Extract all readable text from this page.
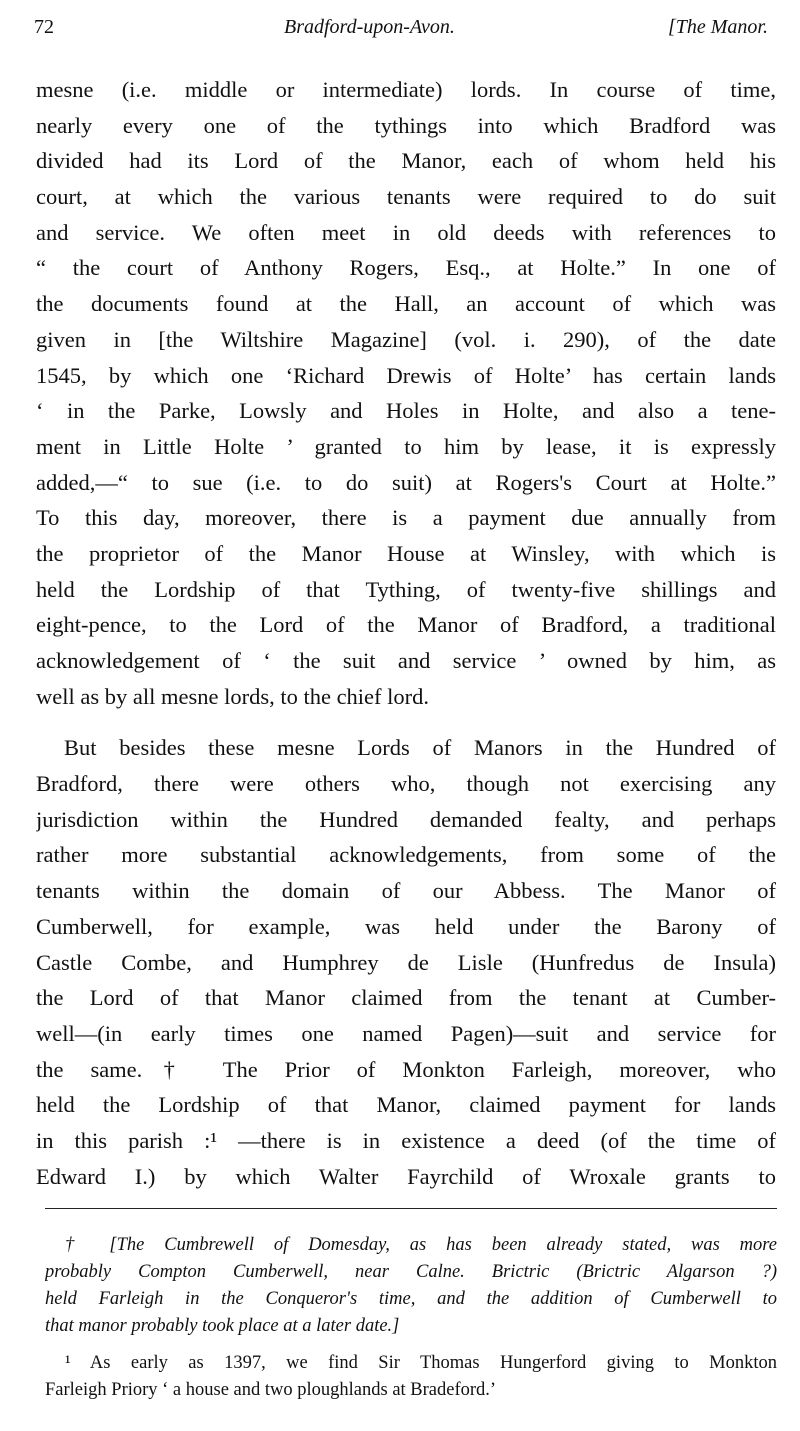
72	Bradford-upon-Avon.	[The Manor.
mesne (i.e. middle or intermediate) lords. In course of time,
nearly every one of the tythings into which Bradford was
divided had its Lord of the Manor, each of whom held his
court, at which the various tenants were required to do suit
and service. We often meet in old deeds with references to
“ the court of Anthony Rogers, Esq., at Holte.” In one of
the documents found at the Hall, an account of which was
given in [the Wiltshire Magazine] (vol. i. 290), of the date
1545, by which one ‘Richard Drewis of Holte’ has certain lands
‘ in the Parke, Lowsly and Holes in Holte, and also a tene-
ment in Little Holte ’ granted to him by lease, it is expressly
added,—“ to sue (i.e. to do suit) at Rogers's Court at Holte.”
To this day, moreover, there is a payment due annually from
the proprietor of the Manor House at Winsley, with which is
held the Lordship of that Tything, of twenty-five shillings and
eight-pence, to the Lord of the Manor of Bradford, a traditional
acknowledgement of ‘ the suit and service ’ owned by him, as
well as by all mesne lords, to the chief lord.
But besides these mesne Lords of Manors in the Hundred of
Bradford, there were others who, though not exercising any
jurisdiction within the Hundred demanded fealty, and perhaps
rather more substantial acknowledgements, from some of the
tenants within the domain of our Abbess. The Manor of
Cumberwell, for example, was held under the Barony of
Castle Combe, and Humphrey de Lisle (Hunfredus de Insula)
the Lord of that Manor claimed from the tenant at Cumber-
well—(in early times one named Pagen)—suit and service for
the same.† The Prior of Monkton Farleigh, moreover, who
held the Lordship of that Manor, claimed payment for lands
in this parish :¹ —there is in existence a deed (of the time of
Edward I.) by which Walter Fayrchild of Wroxale grants to
† [The Cumbrewell of Domesday, as has been already stated, was more
probably Compton Cumberwell, near Calne. Brictric (Brictric Algarson ?)
held Farleigh in the Conqueror's time, and the addition of Cumberwell to
that manor probably took place at a later date.]
¹ As early as 1397, we find Sir Thomas Hungerford giving to Monkton
Farleigh Priory ‘ a house and two ploughlands at Bradeford.’
